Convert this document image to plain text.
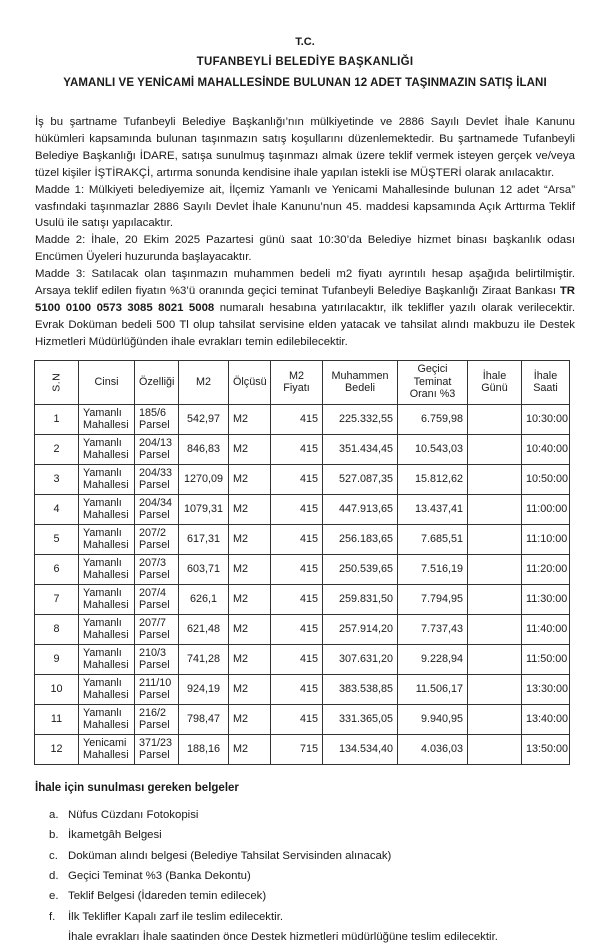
T.C.
TUFANBEYLİ BELEDİYE BAŞKANLIĞI
YAMANLI VE YENİCAMİ MAHALLESİNDE BULUNAN 12 ADET TAŞINMAZIN SATIŞ İLANI

İş bu şartname Tufanbeyli Belediye Başkanlığı’nın mülkiyetinde ve 2886 Sayılı Devlet İhale Kanunu hükümleri kapsamında bulunan taşınmazın satış koşullarını düzenlemektedir. Bu şartnamede Tufanbeyli Belediye Başkanlığı İDARE, satışa sunulmuş taşınmazı almak üzere teklif vermek isteyen gerçek ve/veya tüzel kişiler İŞTİRAKÇİ, artırma sonunda kendisine ihale yapılan istekli ise MÜŞTERİ olarak anılacaktır.

Madde 1: Mülkiyeti belediyemize ait, İlçemiz Yamanlı ve Yenicami Mahallesinde bulunan 12 adet “Arsa” vasfındaki taşınmazlar 2886 Sayılı Devlet İhale Kanunu’nun 45. maddesi kapsamında Açık Arttırma Teklif Usulü ile satışı yapılacaktır.

Madde 2: İhale, 20 Ekim 2025 Pazartesi günü saat 10:30’da Belediye hizmet binası başkanlık odası Encümen Üyeleri huzurunda başlayacaktır.

Madde 3: Satılacak olan taşınmazın muhammen bedeli m2 fiyatı ayrıntılı hesap aşağıda belirtilmiştir. Arsaya teklif edilen fiyatın %3’ü oranında geçici teminat Tufanbeyli Belediye Başkanlığı Ziraat Bankası TR 5100 0100 0573 3085 8021 5008 numaralı hesabına yatırılacaktır, ilk teklifler yazılı olarak verilecektir. Evrak Doküman bedeli 500 Tl olup tahsilat servisine elden yatacak ve tahsilat alındı makbuzu ile Destek Hizmetleri Müdürlüğünden ihale evrakları temin edilebilecektir.

S.N	Cinsi	Özelliği	M2	Ölçüsü	M2 Fiyatı	Muhammen Bedeli	Geçici Teminat Oranı %3	İhale Günü	İhale Saati
1	Yamanlı Mahallesi	185/6 Parsel	542,97	M2	415	225.332,55	6.759,98		10:30:00
2	Yamanlı Mahallesi	204/13 Parsel	846,83	M2	415	351.434,45	10.543,03		10:40:00
3	Yamanlı Mahallesi	204/33 Parsel	1270,09	M2	415	527.087,35	15.812,62		10:50:00
4	Yamanlı Mahallesi	204/34 Parsel	1079,31	M2	415	447.913,65	13.437,41		11:00:00
5	Yamanlı Mahallesi	207/2 Parsel	617,31	M2	415	256.183,65	7.685,51		11:10:00
6	Yamanlı Mahallesi	207/3 Parsel	603,71	M2	415	250.539,65	7.516,19		11:20:00
7	Yamanlı Mahallesi	207/4 Parsel	626,1	M2	415	259.831,50	7.794,95		11:30:00
8	Yamanlı Mahallesi	207/7 Parsel	621,48	M2	415	257.914,20	7.737,43		11:40:00
9	Yamanlı Mahallesi	210/3 Parsel	741,28	M2	415	307.631,20	9.228,94		11:50:00
10	Yamanlı Mahallesi	211/10 Parsel	924,19	M2	415	383.538,85	11.506,17		13:30:00
11	Yamanlı Mahallesi	216/2 Parsel	798,47	M2	415	331.365,05	9.940,95		13:40:00
12	Yenicami Mahallesi	371/23 Parsel	188,16	M2	715	134.534,40	4.036,03		13:50:00
İhale için sunulması gereken belgeler
a. Nüfus Cüzdanı Fotokopisi
b. İkametgâh Belgesi
c. Doküman alındı belgesi (Belediye Tahsilat Servisinden alınacak)
d. Geçici Teminat %3 (Banka Dekontu)
e. Teklif Belgesi (İdareden temin edilecek)
f.	İlk Teklifler Kapalı zarf ile teslim edilecektir.
İhale evrakları İhale saatinden önce Destek hizmetleri müdürlüğüne teslim edilecektir.
